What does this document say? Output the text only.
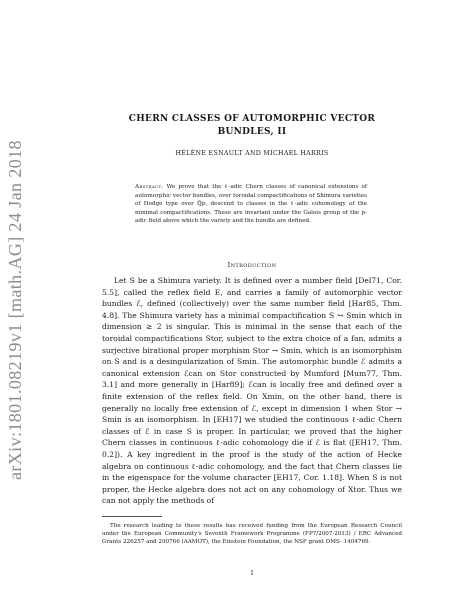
arXiv:1801.08219v1 [math.AG] 24 Jan 2018
CHERN CLASSES OF AUTOMORPHIC VECTOR BUNDLES, II
HÉLÈNE ESNAULT AND MICHAEL HARRIS
Abstract. We prove that the ℓ-adic Chern classes of canonical extensions of automorphic vector bundles, over toroidal compactifications of Shimura varieties of Hodge type over ℚ̄p, descend to classes in the ℓ-adic cohomology of the minimal compactifications. These are invariant under the Galois group of the p-adic field above which the variety and the bundle are defined.
Introduction
Let S be a Shimura variety. It is defined over a number field [Del71, Cor. 5.5], called the reflex field E, and carries a family of automorphic vector bundles ℰ, defined (collectively) over the same number field [Har85, Thm. 4.8]. The Shimura variety has a minimal compactification S ↪ Smin which in dimension ≥ 2 is singular. This is minimal in the sense that each of the toroidal compactifications Stor, subject to the extra choice of a fan, admits a surjective birational proper morphism Stor → Smin, which is an isomorphism on S and is a desingularization of Smin. The automorphic bundle ℰ admits a canonical extension ℰcan on Stor constructed by Mumford [Mum77, Thm. 3.1] and more generally in [Har89]; ℰcan is locally free and defined over a finite extension of the reflex field. On Xmin, on the other hand, there is generally no locally free extension of ℰ, except in dimension 1 when Stor → Smin is an isomorphism. In [EH17] we studied the continuous ℓ-adic Chern classes of ℰ in case S is proper. In particular, we proved that the higher Chern classes in continuous ℓ-adic cohomology die if ℰ is flat ([EH17, Thm. 0.2]). A key ingredient in the proof is the study of the action of Hecke algebra on continuous ℓ-adic cohomology, and the fact that Chern classes lie in the eigenspace for the volume character [EH17, Cor. 1.18]. When S is not proper, the Hecke algebra does not act on any cohomology of Xtor. Thus we can not apply the methods of
The research leading to these results has received funding from the European Research Council under the European Community's Seventh Framework Programme (FP7/2007-2013) / ERC Advanced Grants 226257 and 290766 (AAMOT), the Einstein Foundation, the NSF grant DMS- 1404769.
1
